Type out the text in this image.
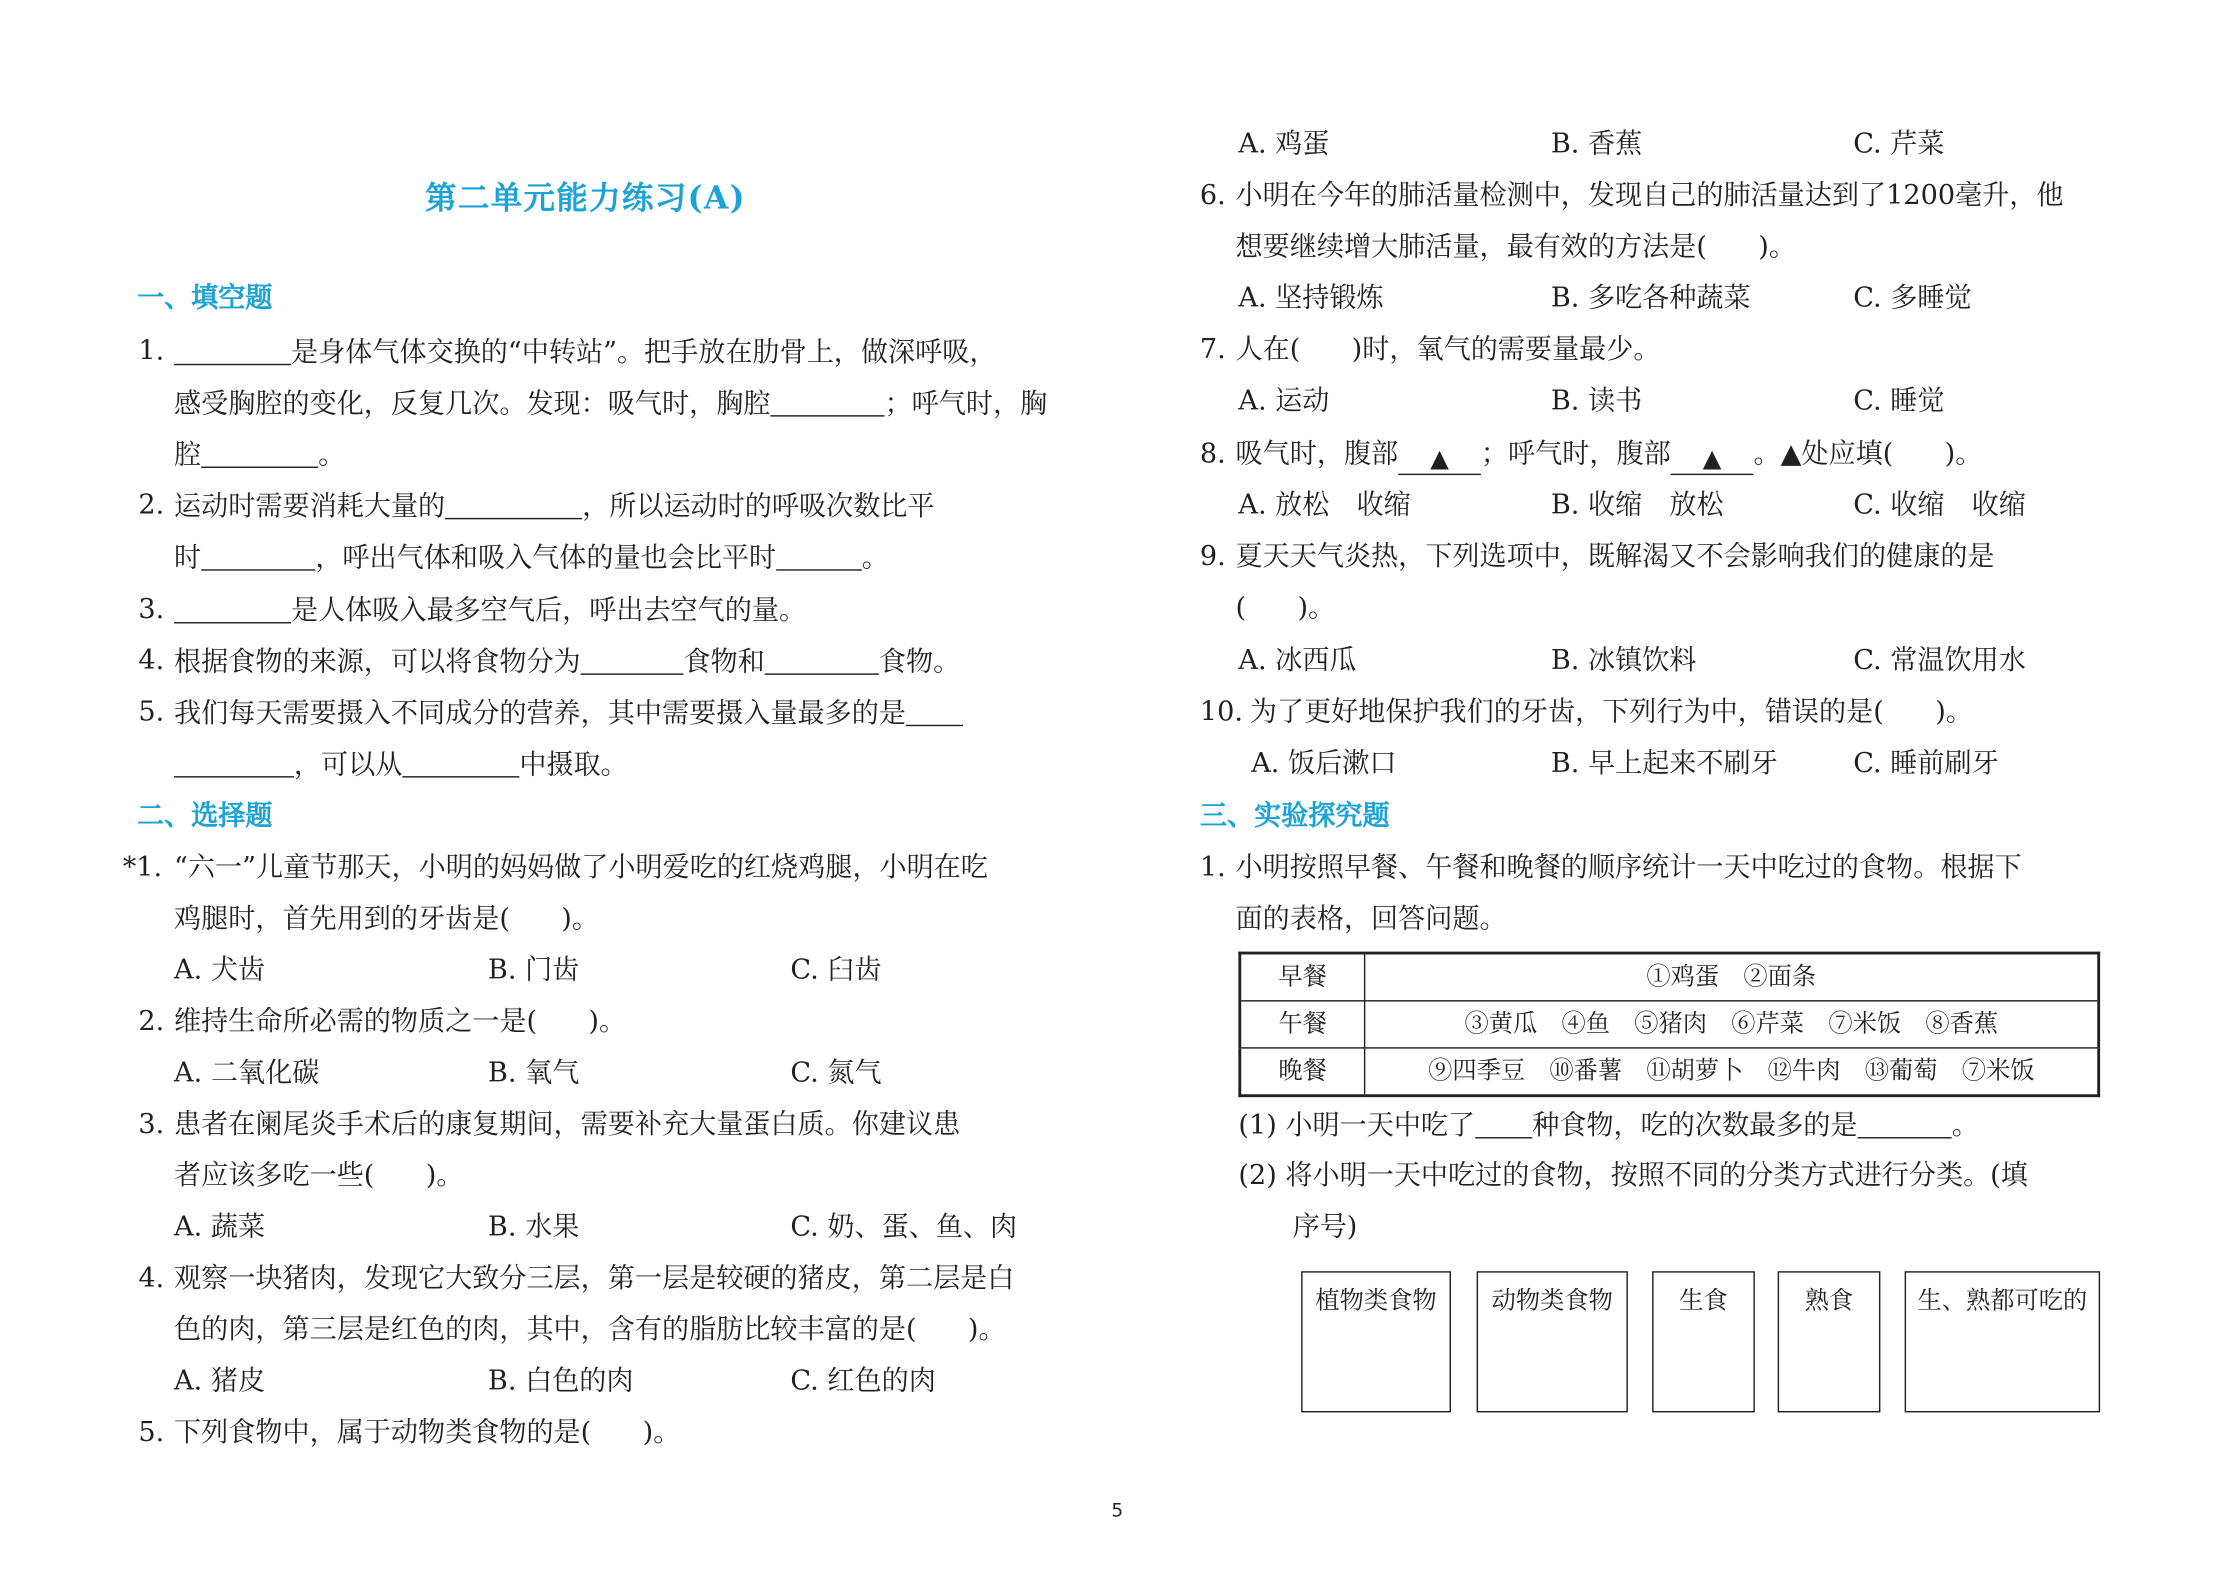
第二单元能力练习(A)
一、填空题
1.	是身体气体交换的“中转站”。把手放在肋骨上，做深呼吸，
感受胸腔的变化，反复几次。发现：吸气时，胸腔	；呼气时，胸
腔	。
2. 运动时需要消耗大量的	，所以运动时的呼吸次数比平
时	，呼出气体和吸入气体的量也会比平时	。
3.	是人体吸入最多空气后，呼出去空气的量。
4. 根据食物的来源，可以将食物分为	食物和	食物。
5. 我们每天需要摄入不同成分的营养，其中需要摄入量最多的是
，可以从	中摄取。
二、选择题
*1. “六一”儿童节那天，小明的妈妈做了小明爱吃的红烧鸡腿，小明在吃
鸡腿时，首先用到的牙齿是(	)。
A. 犬齿	B. 门齿	C. 臼齿
2. 维持生命所必需的物质之一是(	)。
A. 二氧化碳	B. 氧气	C. 氮气
3. 患者在阑尾炎手术后的康复期间，需要补充大量蛋白质。你建议患
者应该多吃一些(	)。
A. 蔬菜	B. 水果	C. 奶、蛋、鱼、肉
4. 观察一块猪肉，发现它大致分三层，第一层是较硬的猪皮，第二层是白
色的肉，第三层是红色的肉，其中，含有的脂肪比较丰富的是(	)。
A. 猪皮	B. 白色的肉	C. 红色的肉
5. 下列食物中，属于动物类食物的是(	)。
A. 鸡蛋	B. 香蕉	C. 芹菜
6. 小明在今年的肺活量检测中，发现自己的肺活量达到了1200毫升，他
想要继续增大肺活量，最有效的方法是(	)。
A. 坚持锻炼	B. 多吃各种蔬菜	C. 多睡觉
7. 人在(	)时，氧气的需要量最少。
A. 运动	B. 读书	C. 睡觉
8. 吸气时，腹部 ▲ ；呼气时，腹部 ▲ 。▲处应填(	)。
A. 放松　收缩	B. 收缩　放松	C. 收缩　收缩
9. 夏天天气炎热，下列选项中，既解渴又不会影响我们的健康的是
(	)。
A. 冰西瓜	B. 冰镇饮料	C. 常温饮用水
10. 为了更好地保护我们的牙齿，下列行为中，错误的是(	)。
A. 饭后漱口	B. 早上起来不刷牙	C. 睡前刷牙
三、实验探究题
1. 小明按照早餐、午餐和晚餐的顺序统计一天中吃过的食物。根据下
面的表格，回答问题。
早餐	①鸡蛋　②面条
午餐	③黄瓜　④鱼　⑤猪肉　⑥芹菜　⑦米饭　⑧香蕉
晚餐	⑨四季豆　⑩番薯　⑪胡萝卜　⑫牛肉　⑬葡萄　⑦米饭
(1) 小明一天中吃了	种食物，吃的次数最多的是	。
(2) 将小明一天中吃过的食物，按照不同的分类方式进行分类。(填
序号)
植物类食物	动物类食物	生食	熟食	生、熟都可吃的
5
